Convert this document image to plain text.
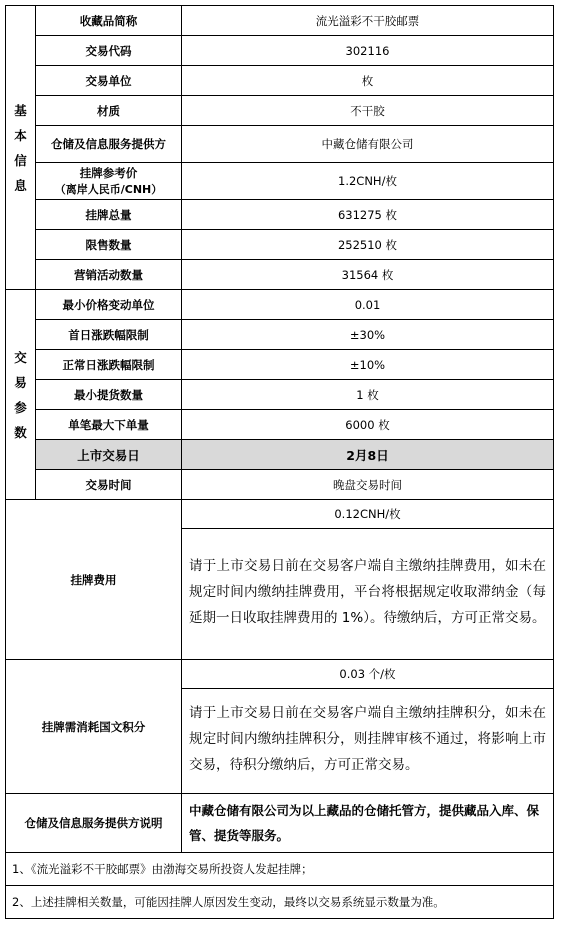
基
本
信
息	收藏品简称	流光溢彩不干胶邮票
	交易代码	302116
	交易单位	枚
	材质	不干胶
	仓储及信息服务提供方	中藏仓储有限公司
	挂牌参考价
（离岸人民币/CNH）	1.2CNH/枚
	挂牌总量	631275 枚
	限售数量	252510 枚
	营销活动数量	31564 枚

交
易
参
数	最小价格变动单位	0.01
	首日涨跌幅限制	±30%
	正常日涨跌幅限制	±10%
	最小提货数量	1 枚
	单笔最大下单量	6000 枚
	上市交易日	2月8日
	交易时间	晚盘交易时间
挂牌费用		0.12CNH/枚
		请于上市交易日前在交易客户端自主缴纳挂牌费用，如未在规定时间内缴纳挂牌费用，平台将根据规定收取滞纳金（每延期一日收取挂牌费用的 1%）。待缴纳后，方可正常交易。
挂牌需消耗国文积分		0.03 个/枚
		请于上市交易日前在交易客户端自主缴纳挂牌积分，如未在规定时间内缴纳挂牌积分，则挂牌审核不通过，将影响上市交易，待积分缴纳后，方可正常交易。
仓储及信息服务提供方说明		中藏仓储有限公司为以上藏品的仓储托管方，提供藏品入库、保管、提货等服务。
1、《流光溢彩不干胶邮票》由渤海交易所投资人发起挂牌；		
2、上述挂牌相关数量，可能因挂牌人原因发生变动，最终以交易系统显示数量为准。		
